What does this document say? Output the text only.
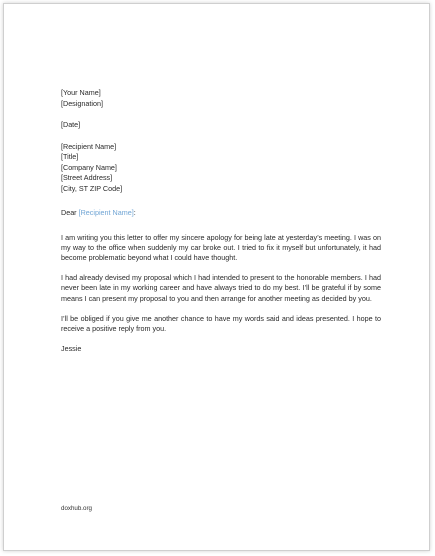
[Your Name]
[Designation]
[Date]
[Recipient Name]
[Title]
[Company Name]
[Street Address]
[City, ST ZIP Code]
Dear [Recipient Name]:

I am writing you this letter to offer my sincere apology for being late at yesterday’s meeting. I was on my way to the office when suddenly my car broke out. I tried to fix it myself but unfortunately, it had become problematic beyond what I could have thought.

I had already devised my proposal which I had intended to present to the honorable members. I had never been late in my working career and have always tried to do my best. I’ll be grateful if by some means I can present my proposal to you and then arrange for another meeting as decided by you.

I’ll be obliged if you give me another chance to have my words said and ideas presented. I hope to receive a positive reply from you.

Jessie
doxhub.org
